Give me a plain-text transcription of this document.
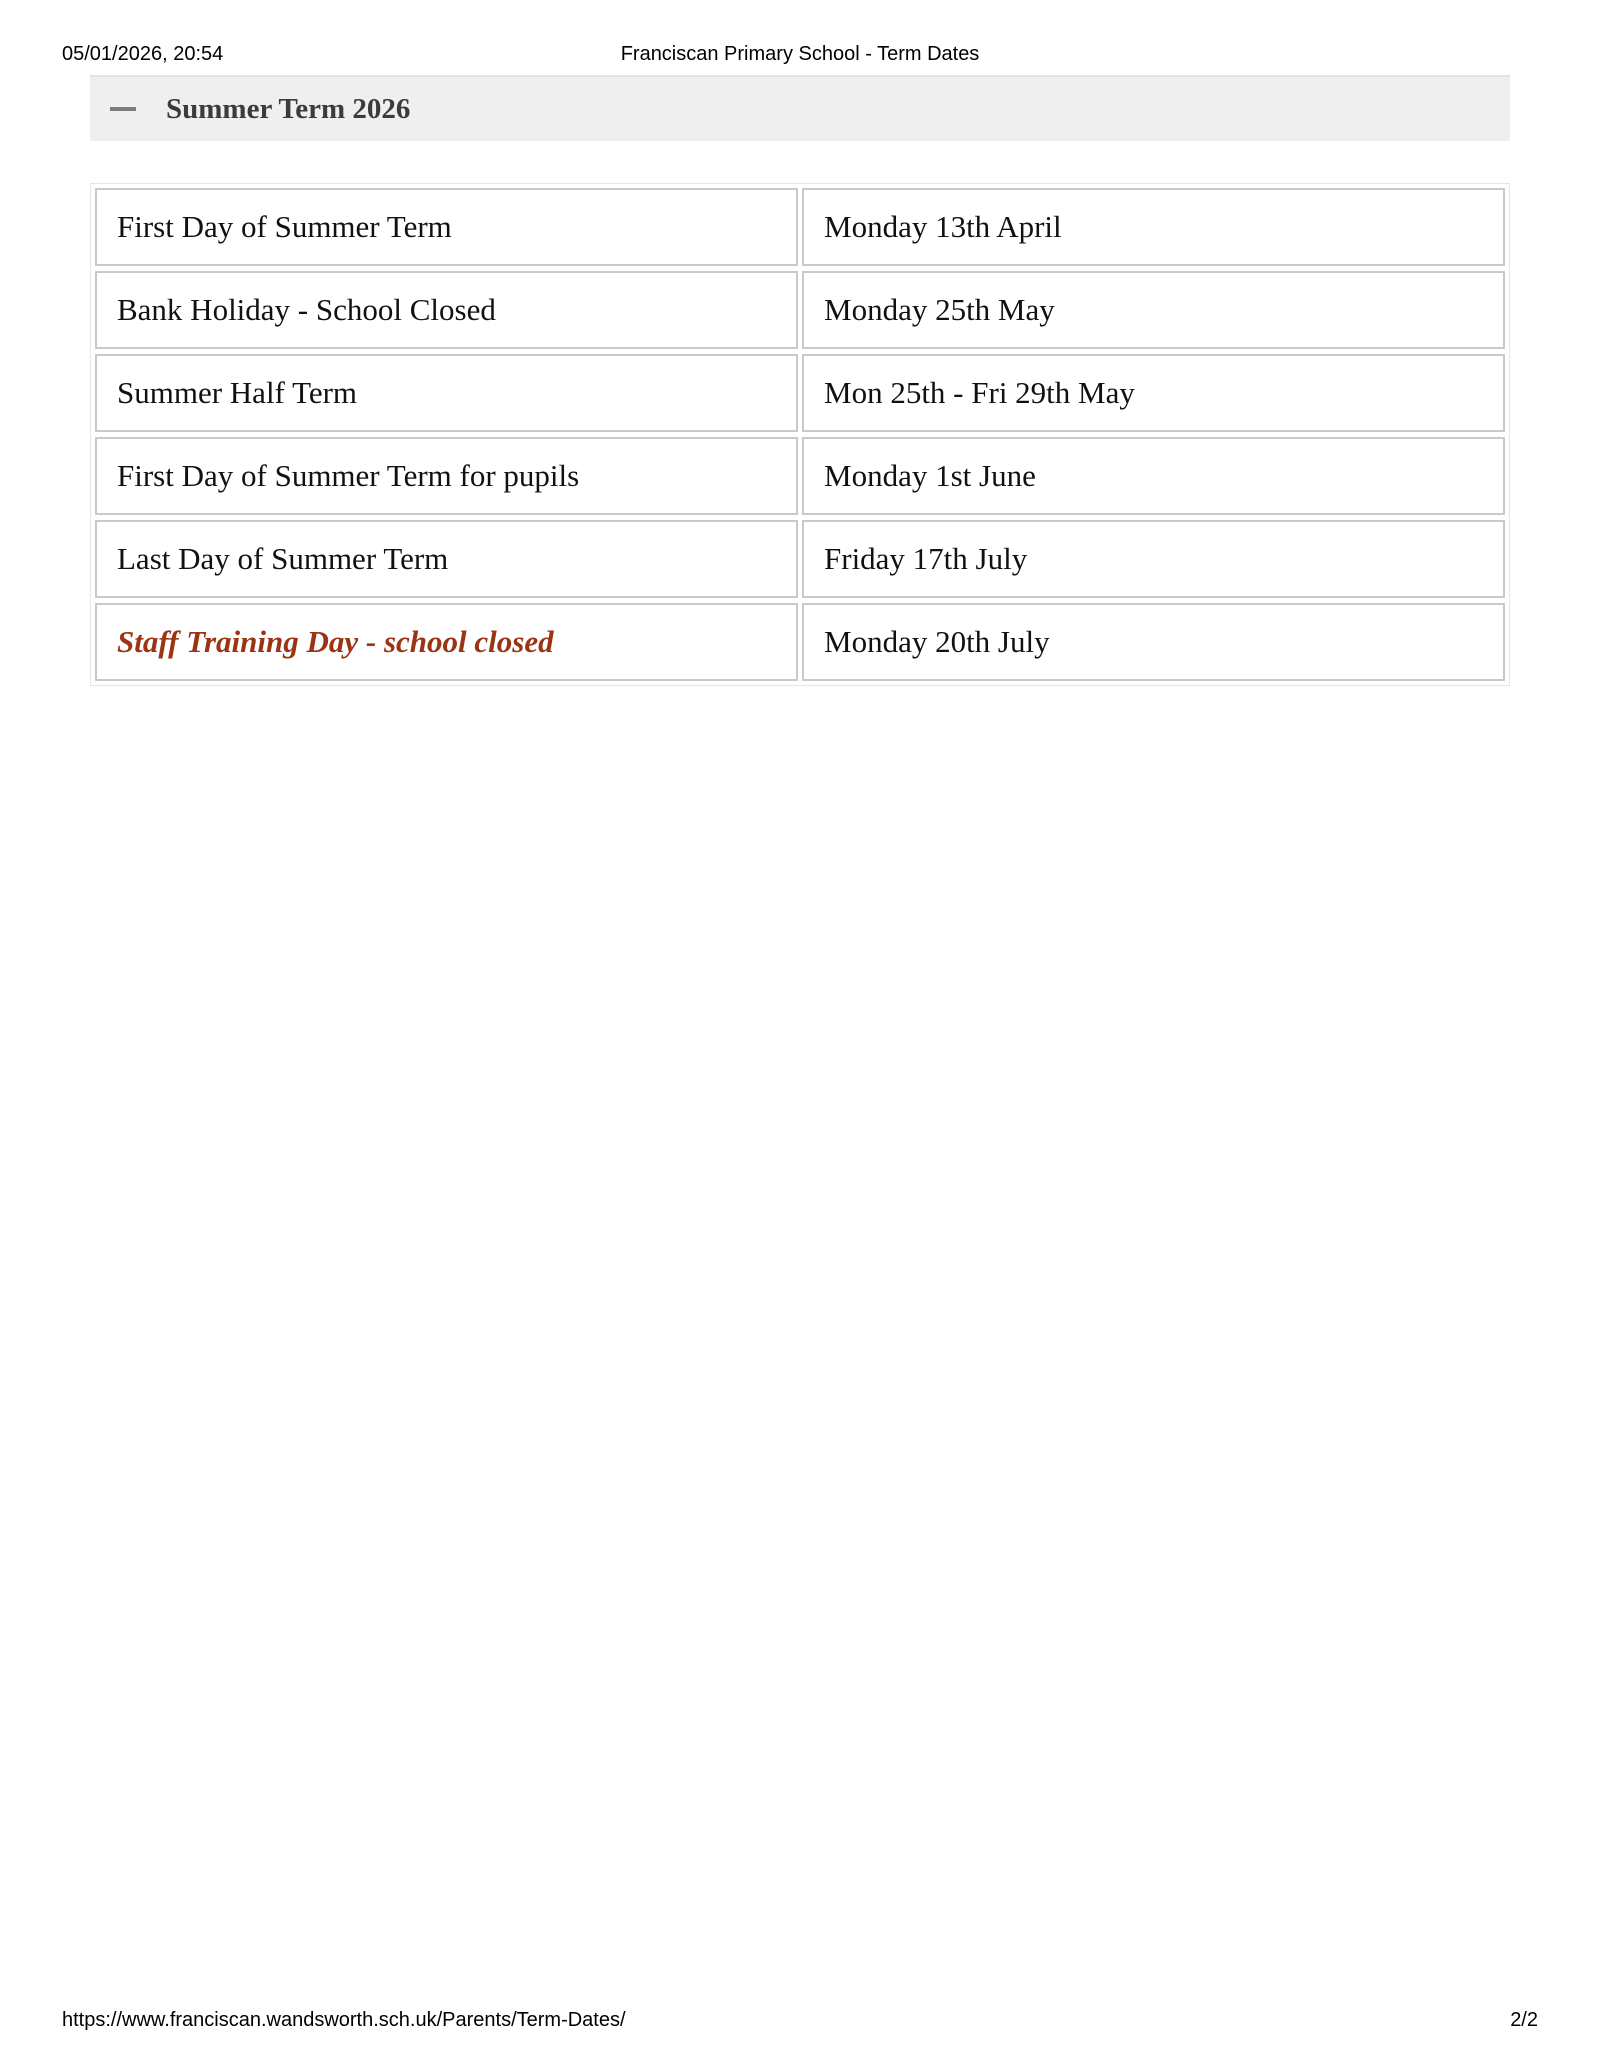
05/01/2026, 20:54	Franciscan Primary School - Term Dates
Summer Term 2026
First Day of Summer Term		Monday 13th April
Bank Holiday - School Closed		Monday 25th May
Summer Half Term		Mon 25th - Fri 29th May
First Day of Summer Term for pupils		Monday 1st June
Last Day of Summer Term		Friday 17th July
Staff Training Day - school closed		Monday 20th July
https://www.franciscan.wandsworth.sch.uk/Parents/Term-Dates/	2/2
